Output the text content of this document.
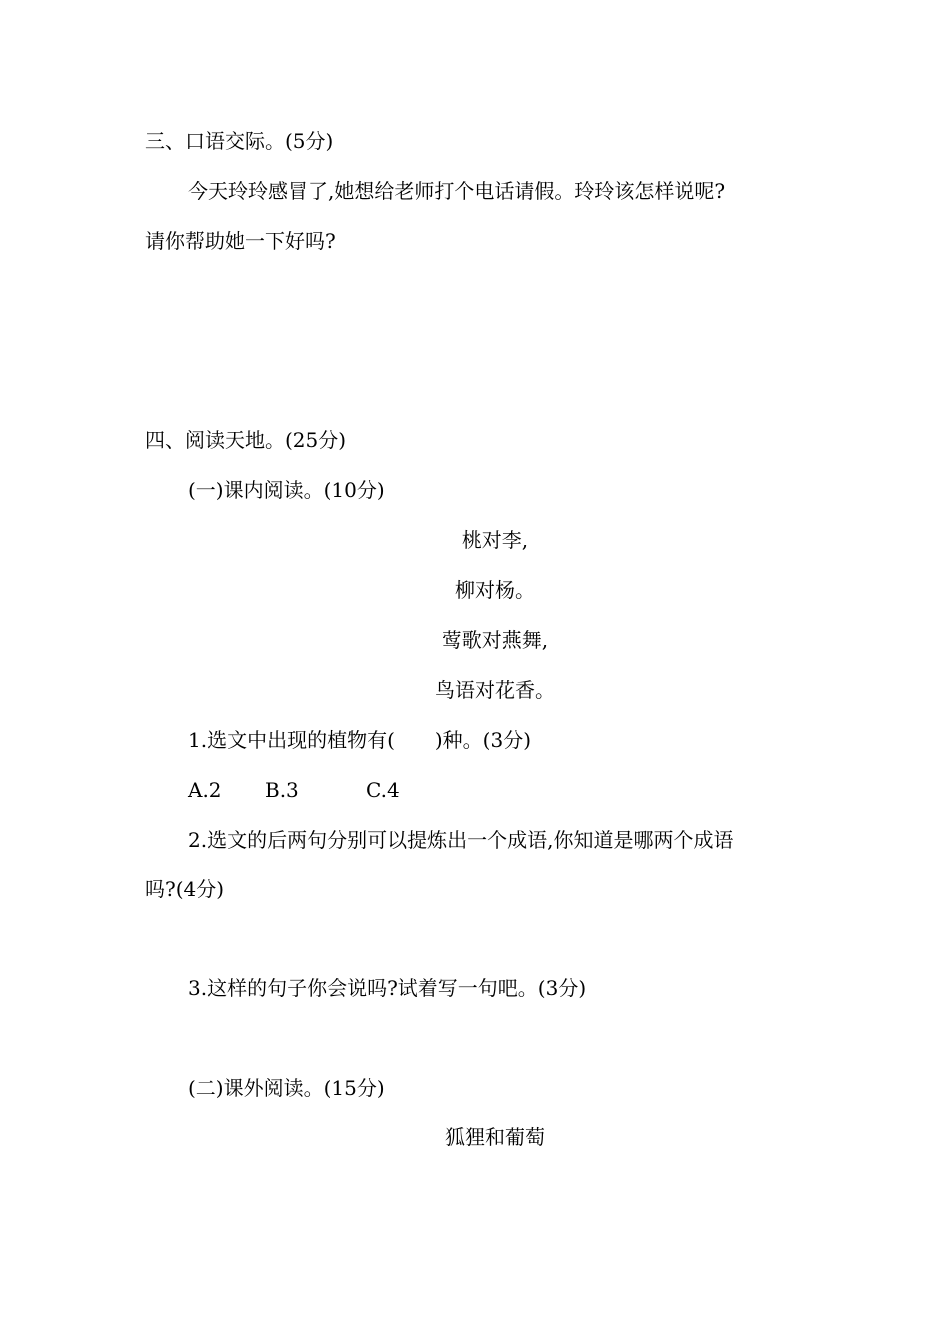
三、口语交际。(5分)

今天玲玲感冒了,她想给老师打个电话请假。玲玲该怎样说呢?

请你帮助她一下好吗?

四、阅读天地。(25分)

(一)课内阅读。(10分)

桃对李,

柳对杨。

莺歌对燕舞,

鸟语对花香。

1.选文中出现的植物有(　　)种。(3分)

A.2 B.3	C.4

2.选文的后两句分别可以提炼出一个成语,你知道是哪两个成语

吗?(4分)

3.这样的句子你会说吗?试着写一句吧。(3分)

(二)课外阅读。(15分)

狐狸和葡萄
